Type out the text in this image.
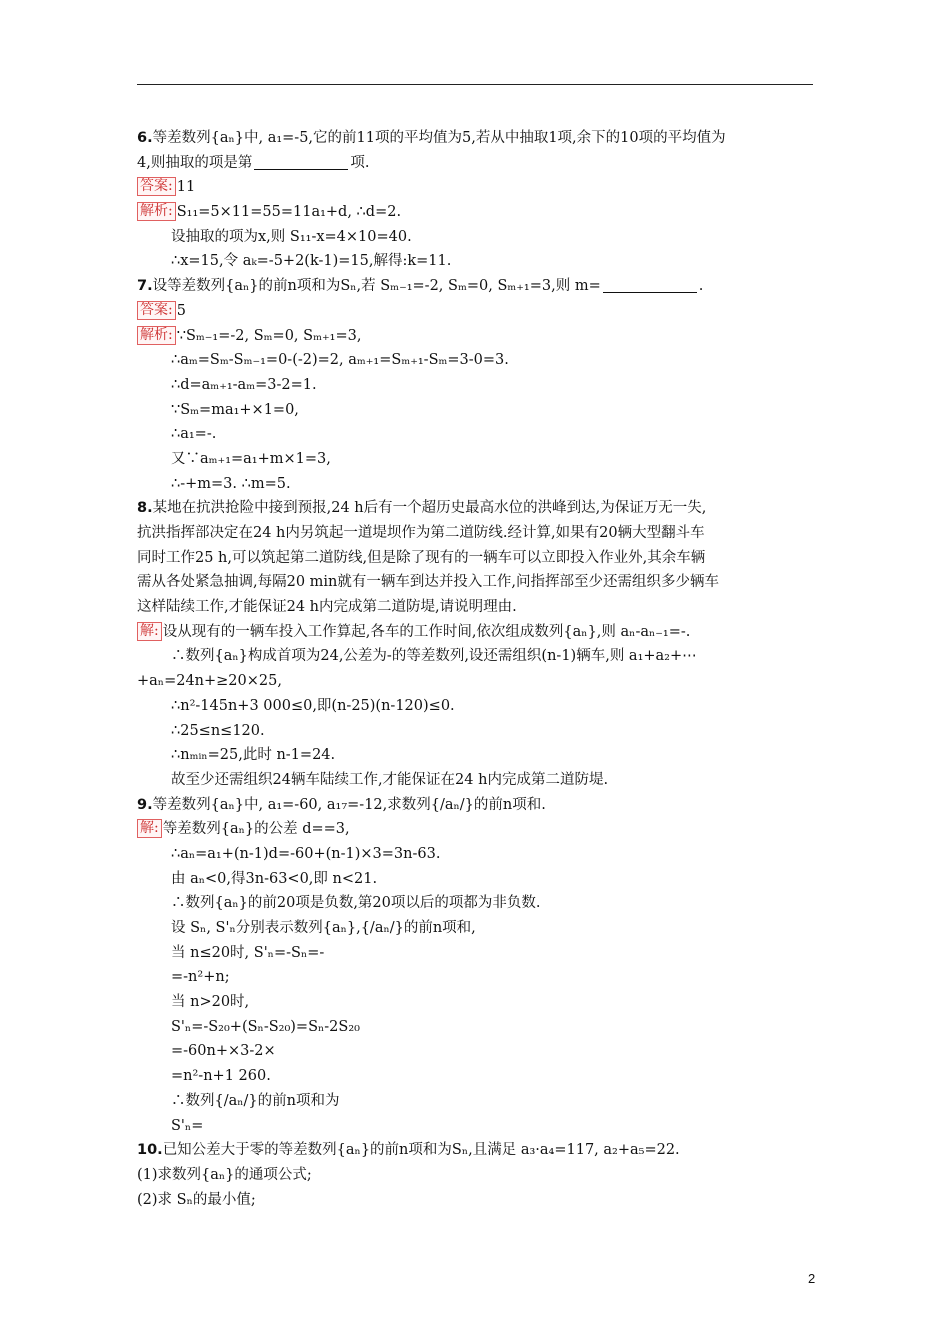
6.等差数列{aₙ}中, a₁=-5,它的前11项的平均值为5,若从中抽取1项,余下的10项的平均值为
4,则抽取的项是第	项.
答案: 11
解析: S₁₁=5×11=55=11a₁+d, ∴d=2.
设抽取的项为x,则 S₁₁-x=4×10=40.
∴x=15,令 aₖ=-5+2(k-1)=15,解得:k=11.
7.设等差数列{aₙ}的前n项和为Sₙ,若 Sₘ₋₁=-2, Sₘ=0, Sₘ₊₁=3,则 m=	.
答案: 5
解析: ∵Sₘ₋₁=-2, Sₘ=0, Sₘ₊₁=3,
∴aₘ=Sₘ-Sₘ₋₁=0-(-2)=2, aₘ₊₁=Sₘ₊₁-Sₘ=3-0=3.
∴d=aₘ₊₁-aₘ=3-2=1.
∵Sₘ=ma₁+×1=0,
∴a₁=-.
又∵aₘ₊₁=a₁+m×1=3,
∴-+m=3. ∴m=5.
8.某地在抗洪抢险中接到预报,24 h后有一个超历史最高水位的洪峰到达,为保证万无一失,
抗洪指挥部决定在24 h内另筑起一道堤坝作为第二道防线.经计算,如果有20辆大型翻斗车
同时工作25 h,可以筑起第二道防线,但是除了现有的一辆车可以立即投入作业外,其余车辆
需从各处紧急抽调,每隔20 min就有一辆车到达并投入工作,问指挥部至少还需组织多少辆车
这样陆续工作,才能保证24 h内完成第二道防堤,请说明理由.
解: 设从现有的一辆车投入工作算起,各车的工作时间,依次组成数列{aₙ},则 aₙ-aₙ₋₁=-.
∴数列{aₙ}构成首项为24,公差为-的等差数列,设还需组织(n-1)辆车,则 a₁+a₂+⋯
+aₙ=24n+≥20×25,
∴n²-145n+3 000≤0,即(n-25)(n-120)≤0.
∴25≤n≤120.
∴nₘᵢₙ=25,此时 n-1=24.
故至少还需组织24辆车陆续工作,才能保证在24 h内完成第二道防堤.
9.等差数列{aₙ}中, a₁=-60, a₁₇=-12,求数列{/aₙ/}的前n项和.
解: 等差数列{aₙ}的公差 d==3,
∴aₙ=a₁+(n-1)d=-60+(n-1)×3=3n-63.
由 aₙ<0,得3n-63<0,即 n<21.
∴数列{aₙ}的前20项是负数,第20项以后的项都为非负数.
设 Sₙ, S'ₙ分别表示数列{aₙ},{/aₙ/}的前n项和,
当 n≤20时, S'ₙ=-Sₙ=-
=-n²+n;
当 n>20时,
S'ₙ=-S₂₀+(Sₙ-S₂₀)=Sₙ-2S₂₀
=-60n+×3-2×
=n²-n+1 260.
∴数列{/aₙ/}的前n项和为
S'ₙ=
10.已知公差大于零的等差数列{aₙ}的前n项和为Sₙ,且满足 a₃·a₄=117, a₂+a₅=22.
(1)求数列{aₙ}的通项公式;
(2)求 Sₙ的最小值;
2
